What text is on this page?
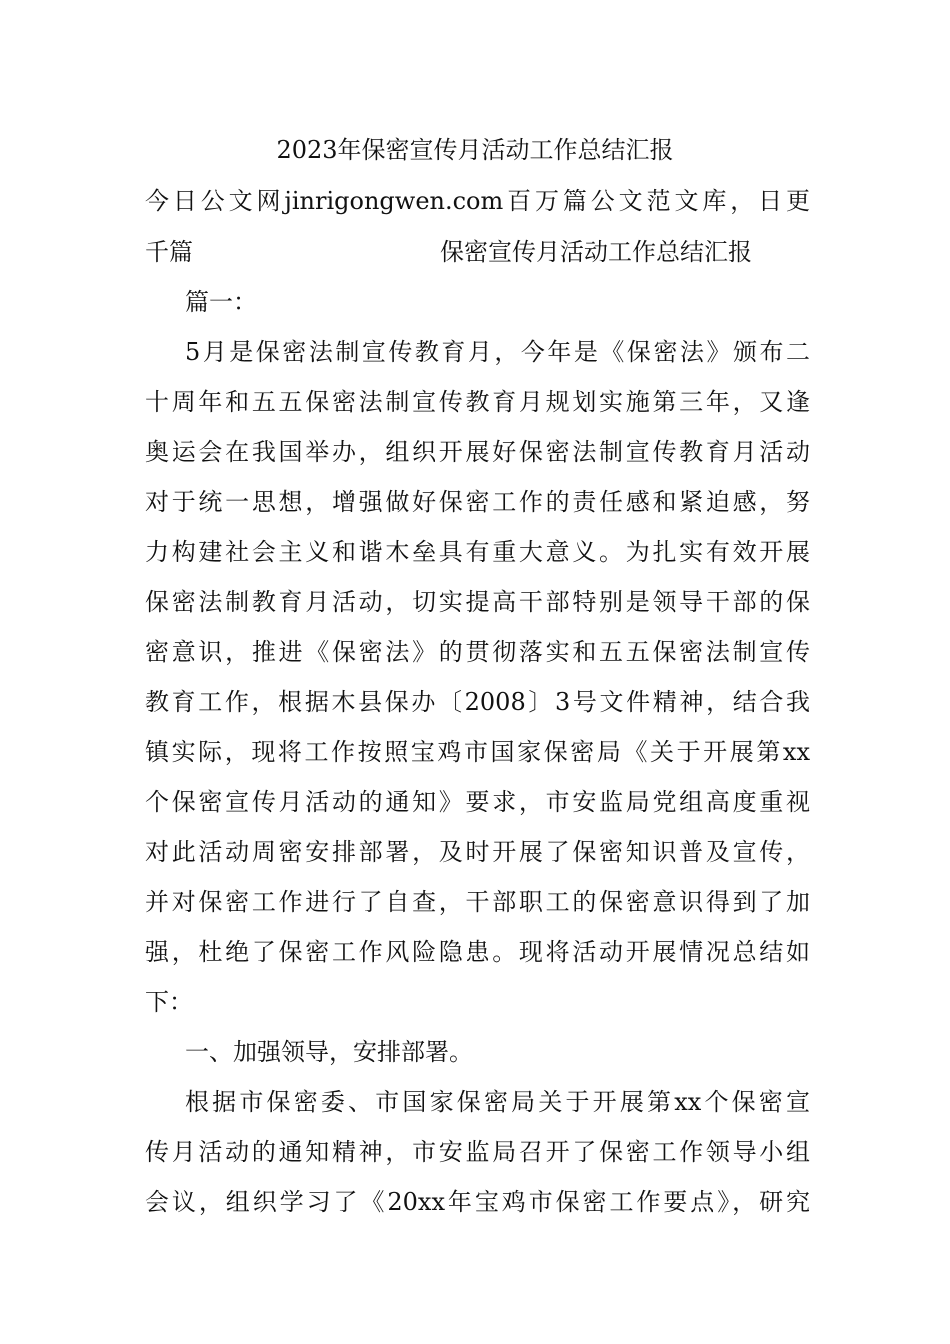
2023年保密宣传月活动工作总结汇报
今日公文网jinrigongwen.com百万篇公文范文库，日更
千篇	保密宣传月活动工作总结汇报
篇一：
5月是保密法制宣传教育月，今年是《保密法》颁布二
十周年和五五保密法制宣传教育月规划实施第三年，又逢
奥运会在我国举办，组织开展好保密法制宣传教育月活动
对于统一思想，增强做好保密工作的责任感和紧迫感，努
力构建社会主义和谐木垒具有重大意义。为扎实有效开展
保密法制教育月活动，切实提高干部特别是领导干部的保
密意识，推进《保密法》的贯彻落实和五五保密法制宣传
教育工作，根据木县保办〔2008〕3号文件精神，结合我
镇实际，现将工作按照宝鸡市国家保密局《关于开展第xx
个保密宣传月活动的通知》要求，市安监局党组高度重视
对此活动周密安排部署，及时开展了保密知识普及宣传，
并对保密工作进行了自查，干部职工的保密意识得到了加
强，杜绝了保密工作风险隐患。现将活动开展情况总结如
下：
一、加强领导，安排部署。
根据市保密委、市国家保密局关于开展第xx个保密宣
传月活动的通知精神，市安监局召开了保密工作领导小组
会议，组织学习了《20xx年宝鸡市保密工作要点》，研究
